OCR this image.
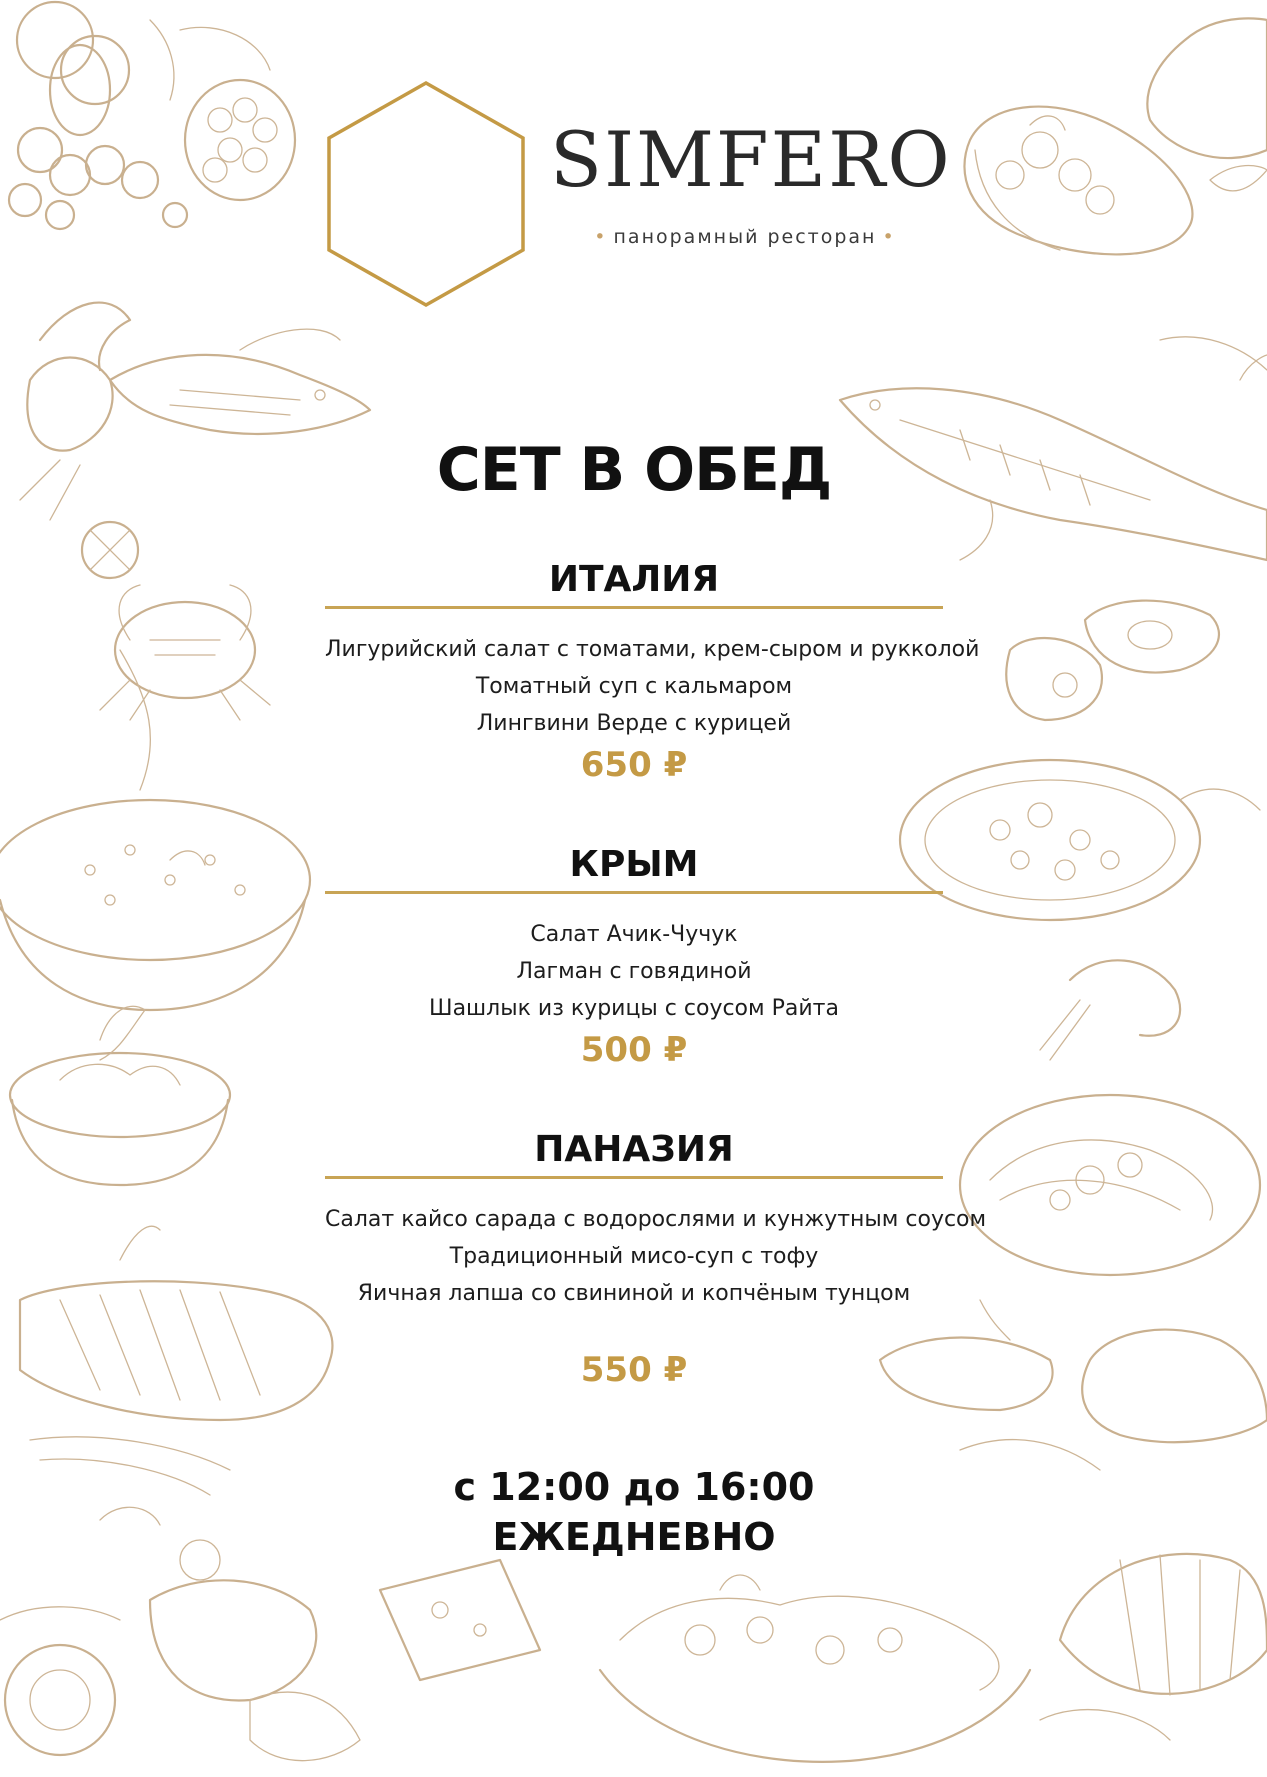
SIMFERO
• панорамный ресторан •
СЕТ В ОБЕД
ИТАЛИЯ
Лигурийский салат с томатами, крем-сыром и рукколой
Томатный суп с кальмаром
Лингвини Верде с курицей
650 ₽
КРЫМ
Салат Ачик-Чучук
Лагман с говядиной
Шашлык из курицы с соусом Райта
500 ₽
ПАНАЗИЯ
Салат кайсо сарада с водорослями и кунжутным соусом
Традиционный мисо-суп с тофу
Яичная лапша со свининой и копчёным тунцом
550 ₽
с 12:00 до 16:00
ЕЖЕДНЕВНО
